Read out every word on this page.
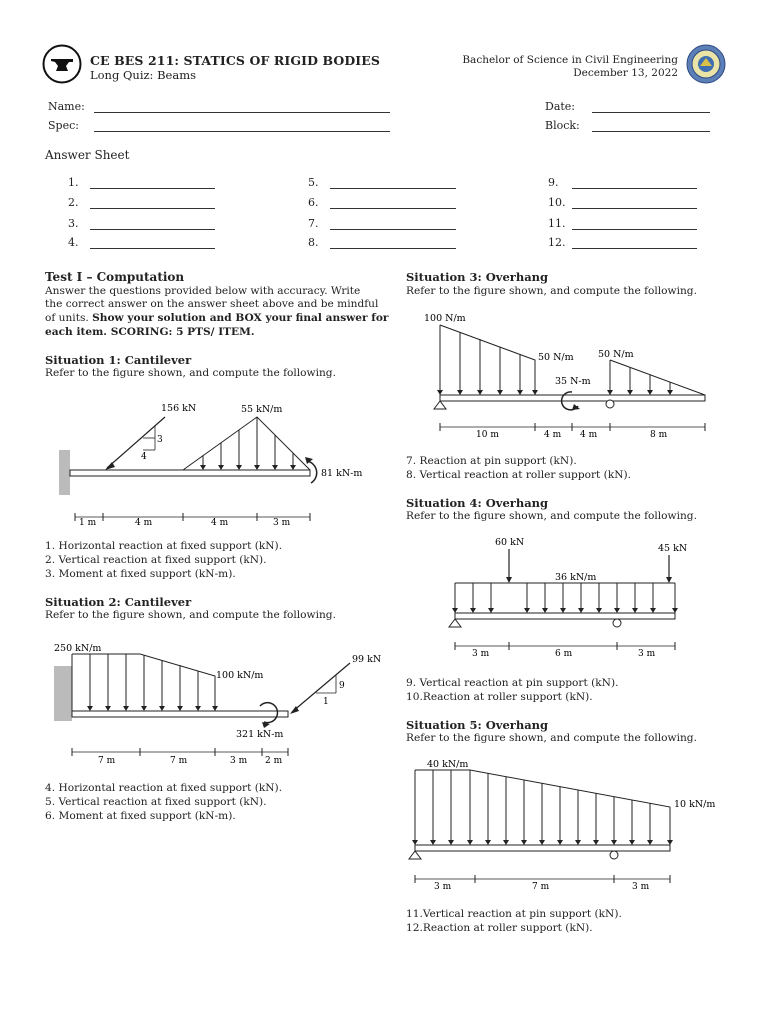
CE BES 211: STATICS OF RIGID BODIES
Long Quiz: Beams
Bachelor of Science in Civil Engineering
December 13, 2022
Name:
Spec:
Date:
Block:
Answer Sheet
1.
2.
3.
4.
5.
6.
7.
8.
9.
10.
11.
12.
Test I – Computation
Answer the questions provided below with accuracy. Write
the correct answer on the answer sheet above and be mindful
of units. Show your solution and BOX your final answer for
each item. SCORING: 5 PTS/ ITEM.
Situation 1: Cantilever
Refer to the figure shown, and compute the following.
156 kN
3
4
55 kN/m
81 kN-m
1 m	4 m	4 m	3 m
1. Horizontal reaction at fixed support (kN).
2. Vertical reaction at fixed support (kN).
3. Moment at fixed support (kN-m).
Situation 2: Cantilever
Refer to the figure shown, and compute the following.
250 kN/m
100 kN/m
321 kN-m
99 kN
9
1
7 m	7 m	3 m 2 m
4. Horizontal reaction at fixed support (kN).
5. Vertical reaction at fixed support (kN).
6. Moment at fixed support (kN-m).
Situation 3: Overhang
Refer to the figure shown, and compute the following.
100 N/m
50 N/m	50 N/m
35 N-m
10 m	4 m 4 m	8 m
7. Reaction at pin support (kN).
8. Vertical reaction at roller support (kN).
Situation 4: Overhang
Refer to the figure shown, and compute the following.
36 kN/m
60 kN
45 kN
3 m	6 m	3 m
9. Vertical reaction at pin support (kN).
10.Reaction at roller support (kN).
Situation 5: Overhang
Refer to the figure shown, and compute the following.
40 kN/m
10 kN/m
3 m	7 m	3 m
11.Vertical reaction at pin support (kN).
12.Reaction at roller support (kN).
